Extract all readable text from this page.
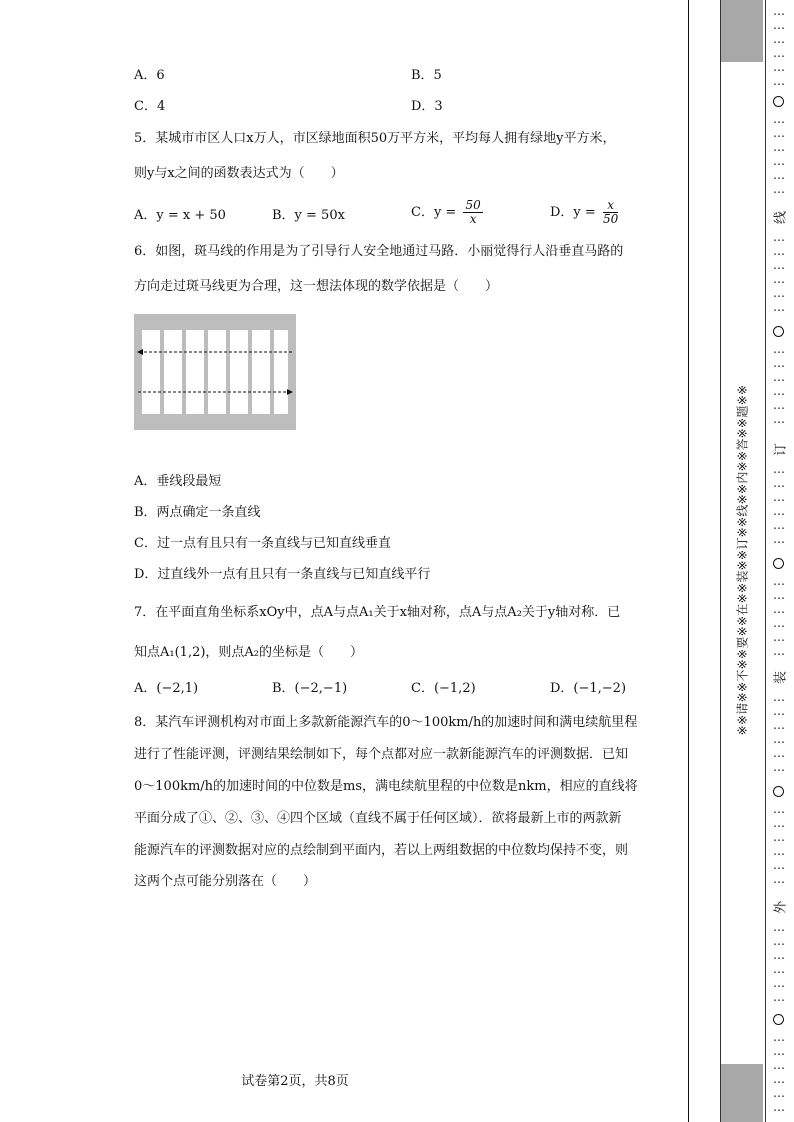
A．6	B．5
C．4	D．3
5．某城市市区人口x万人，市区绿地面积50万平方米，平均每人拥有绿地y平方米，
则y与x之间的函数表达式为（　　）
A．y = x + 50	B．y = 50x	C．$y = \frac{50}{x}$	D．$y = \frac{x}{50}$
6．如图，斑马线的作用是为了引导行人安全地通过马路．小丽觉得行人沿垂直马路的
方向走过斑马线更为合理，这一想法体现的数学依据是（　　）
A．垂线段最短
B．两点确定一条直线
C．过一点有且只有一条直线与已知直线垂直
D．过直线外一点有且只有一条直线与已知直线平行
7．在平面直角坐标系xOy中，点A与点A₁关于x轴对称，点A与点A₂关于y轴对称．已
知点A₁(1,2)，则点A₂的坐标是（　　）
A．(−2,1)	B．(−2,−1)	C．(−1,2)	D．(−1,−2)
8．某汽车评测机构对市面上多款新能源汽车的0～100km/h的加速时间和满电续航里程
进行了性能评测，评测结果绘制如下，每个点都对应一款新能源汽车的评测数据．已知
0～100km/h的加速时间的中位数是ms，满电续航里程的中位数是nkm，相应的直线将
平面分成了①、②、③、④四个区域（直线不属于任何区域）．欲将最新上市的两款新
能源汽车的评测数据对应的点绘制到平面内，若以上两组数据的中位数均保持不变，则
这两个点可能分别落在（　　）
试卷第2页，共8页
※※请※※不※※要※※在※※装※※订※※线※※内※※答※※题※※
…
…
…
…
…
…
…
…
…
…
…
…
线
…
…
…
…
…
…
…
…
…
…
…
…
订
…
…
…
…
…
…
…
…
…
…
…
…
装
…
…
…
…
…
…
…
…
…
…
…
…
外
…
…
…
…
…
…
…
…
…
…
…
…
